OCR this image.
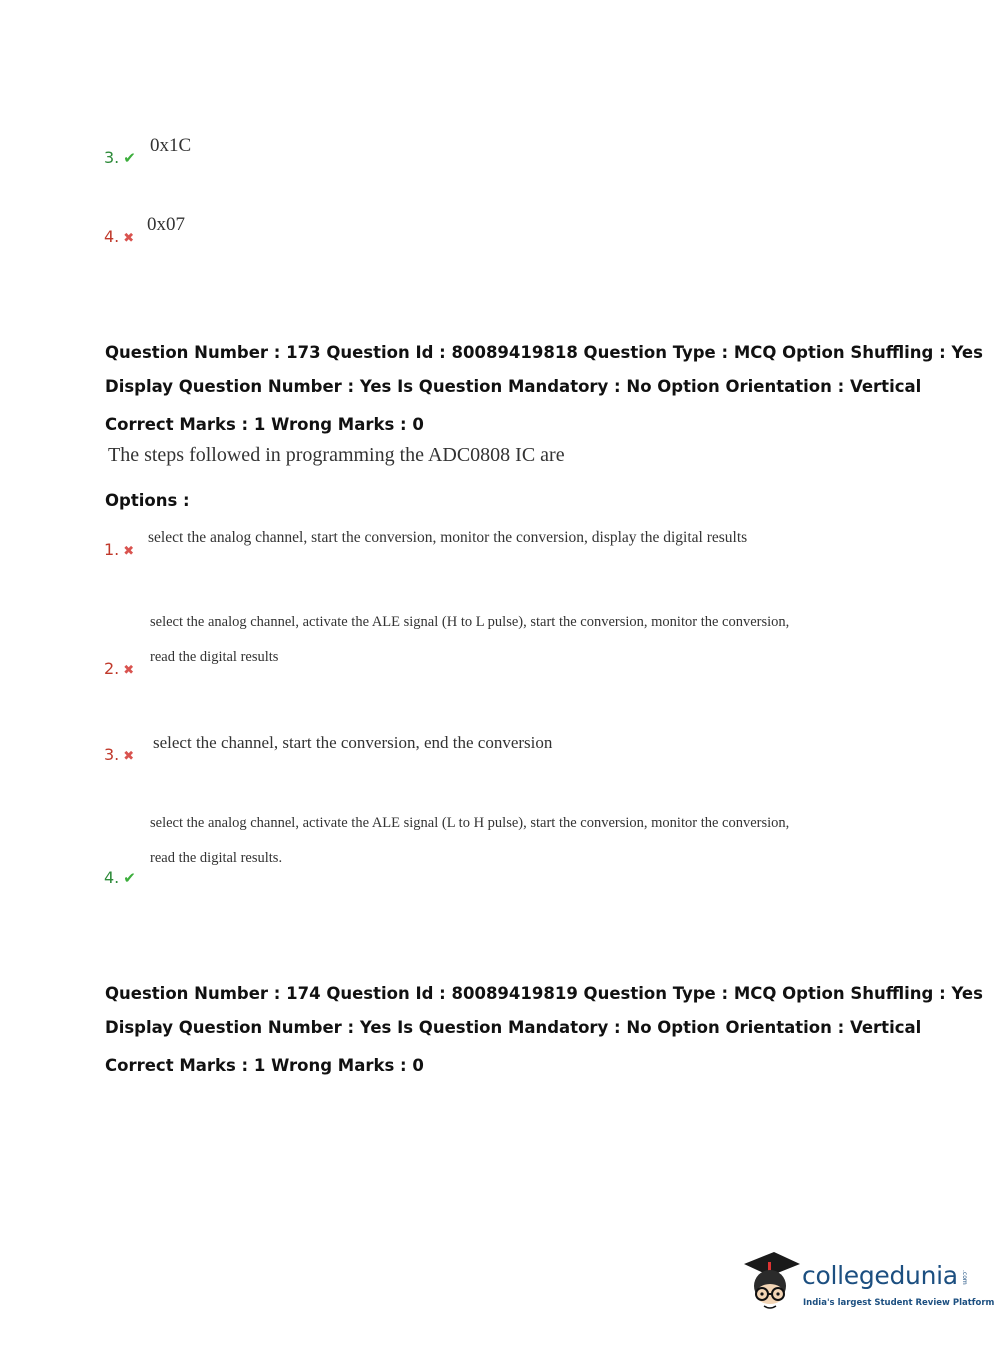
3. ✔
0x1C
4. ✖
0x07
Question Number : 173 Question Id : 80089419818 Question Type : MCQ Option Shuffling : Yes
Display Question Number : Yes Is Question Mandatory : No Option Orientation : Vertical
Correct Marks : 1 Wrong Marks : 0
The steps followed in programming the ADC0808 IC are
Options :
1. ✖
select the analog channel, start the conversion, monitor the conversion, display the digital results
select the analog channel, activate the ALE signal (H to L pulse), start the conversion, monitor the conversion,
read the digital results
2. ✖
3. ✖
select the channel, start the conversion, end the conversion
select the analog channel, activate the ALE signal (L to H pulse), start the conversion, monitor the conversion,
read the digital results.
4. ✔
Question Number : 174 Question Id : 80089419819 Question Type : MCQ Option Shuffling : Yes
Display Question Number : Yes Is Question Mandatory : No Option Orientation : Vertical
Correct Marks : 1 Wrong Marks : 0
collegedunia .com
India's largest Student Review Platform
